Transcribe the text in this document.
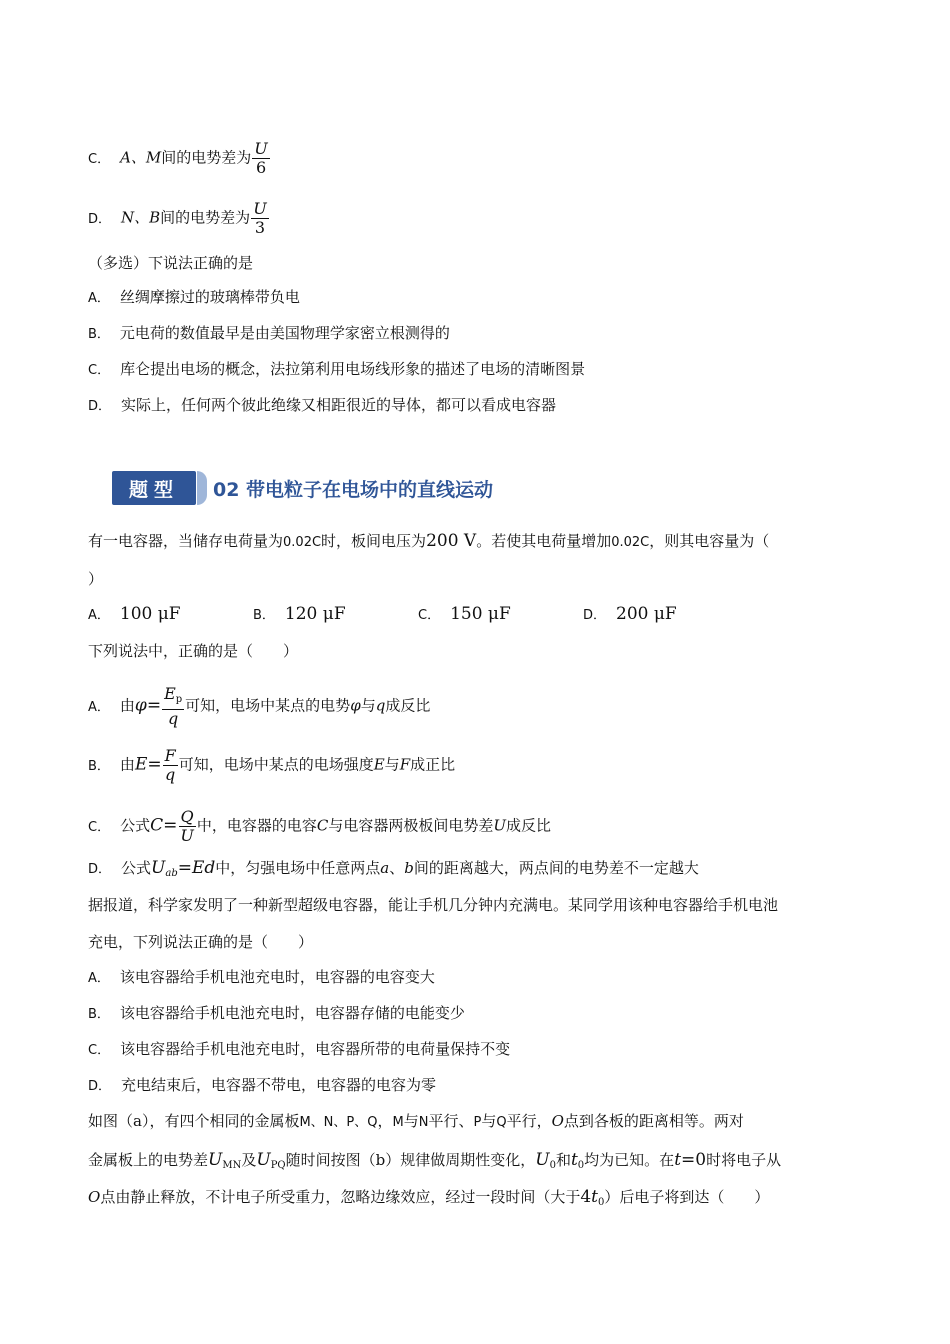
C． A、M间的电势差为 $\frac{U}{6}$
D． N、B间的电势差为 $\frac{U}{3}$
（多选）下说法正确的是
A． 丝绸摩擦过的玻璃棒带负电
B． 元电荷的数值最早是由美国物理学家密立根测得的
C． 库仑提出电场的概念，法拉第利用电场线形象的描述了电场的清晰图景
D． 实际上，任何两个彼此绝缘又相距很近的导体，都可以看成电容器
题型	02 带电粒子在电场中的直线运动
有一电容器，当储存电荷量为0.02C时，板间电压为200 V。若使其电荷量增加0.02C，则其电容量为（
）
A． 100 μF	B． 120 μF	C． 150 μF	D． 200 μF
下列说法中，正确的是（　　）
A． 由$\varphi= \frac{E_p}{q}$ 可知，电场中某点的电势φ与q成反比
B． 由$E= \frac{F}{q}$ 可知，电场中某点的电场强度E与F成正比
C． 公式$C= \frac{Q}{U}$ 中，电容器的电容C与电容器两极板间电势差U成反比
D． 公式$U_{ab}=Ed$中，匀强电场中任意两点a、b间的距离越大，两点间的电势差不一定越大
据报道，科学家发明了一种新型超级电容器，能让手机几分钟内充满电。某同学用该种电容器给手机电池
充电，下列说法正确的是（　　）
A． 该电容器给手机电池充电时，电容器的电容变大
B． 该电容器给手机电池充电时，电容器存储的电能变少
C． 该电容器给手机电池充电时，电容器所带的电荷量保持不变
D． 充电结束后，电容器不带电，电容器的电容为零
如图（a），有四个相同的金属板M、N、P、Q，M与N平行、P与Q平行，O点到各板的距离相等。两对
金属板上的电势差$U_{MN}$及$U_{PQ}$随时间按图（b）规律做周期性变化，$U_0$和$t_0$均为已知。在t=0时将电子从
O点由静止释放，不计电子所受重力，忽略边缘效应，经过一段时间（大于$4t_0$）后电子将到达（　　）
